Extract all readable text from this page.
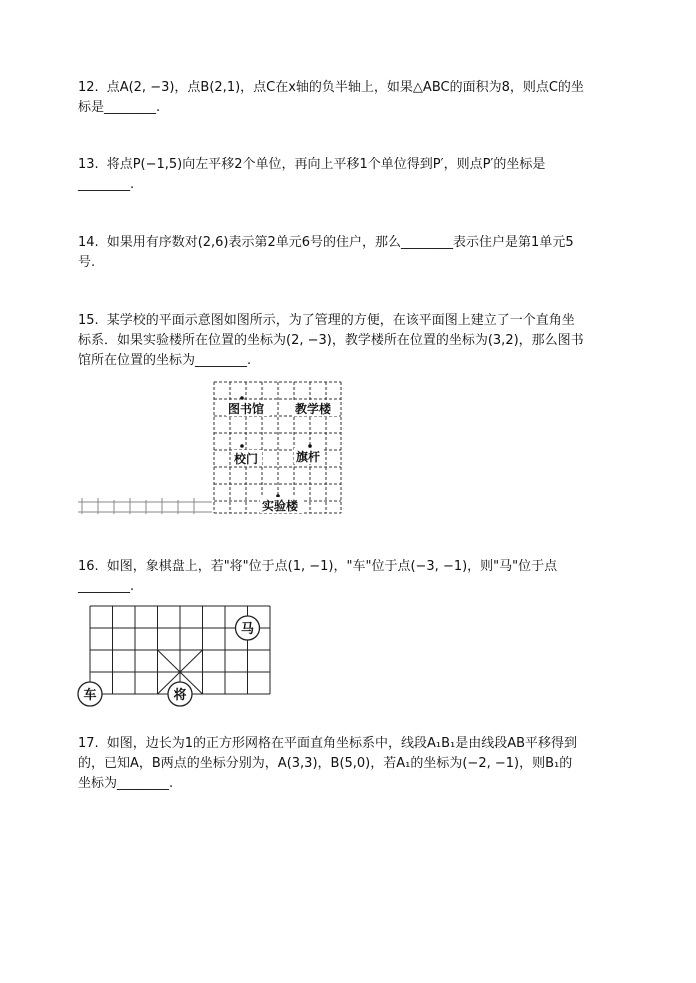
12. 点A(2, −3)，点B(2,1)，点C在x轴的负半轴上，如果△ABC的面积为8，则点C的坐
标是________.

13. 将点P(−1,5)向左平移2个单位，再向上平移1个单位得到P′，则点P′的坐标是
________.

14. 如果用有序数对(2,6)表示第2单元6号的住户，那么________表示住户是第1单元5
号.

15. 某学校的平面示意图如图所示，为了管理的方便，在该平面图上建立了一个直角坐
标系．如果实验楼所在位置的坐标为(2, −3)，教学楼所在位置的坐标为(3,2)，那么图书
馆所在位置的坐标为________.

图书馆	教学楼
校门	旗杆
实验楼

16. 如图，象棋盘上，若"将"位于点(1, −1)，"车"位于点(−3, −1)，则"马"位于点
________.

马
车	将

17. 如图，边长为1的正方形网格在平面直角坐标系中，线段A₁B₁是由线段AB平移得到
的，已知A，B两点的坐标分别为，A(3,3)，B(5,0)，若A₁的坐标为(−2, −1)，则B₁的
坐标为________.
